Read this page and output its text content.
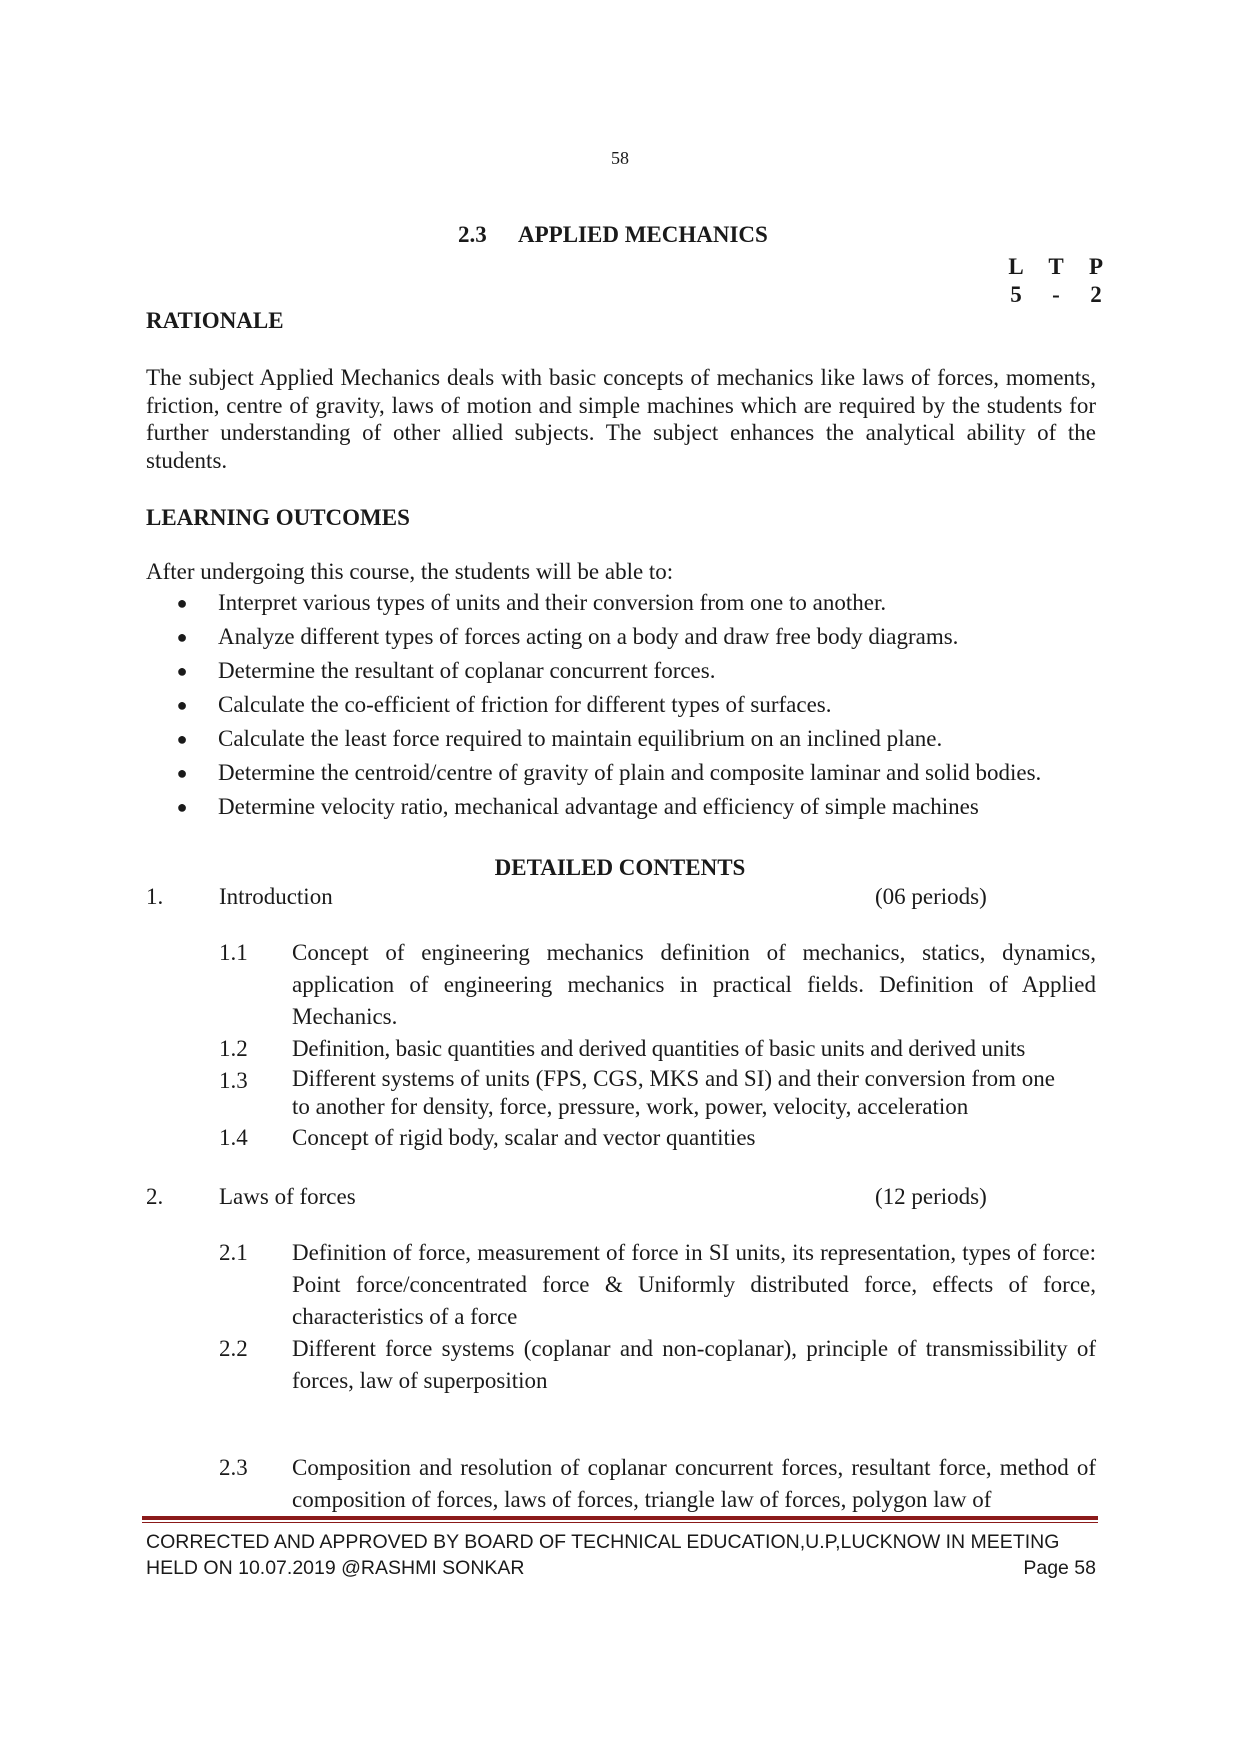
58
2.3 APPLIED MECHANICS
L	T	P
5	-	2
RATIONALE
The subject Applied Mechanics deals with basic concepts of mechanics like laws of forces, moments, friction, centre of gravity, laws of motion and simple machines which are required by the students for further understanding of other allied subjects. The subject enhances the analytical ability of the students.
LEARNING OUTCOMES
After undergoing this course, the students will be able to:
●	Interpret various types of units and their conversion from one to another.
●	Analyze different types of forces acting on a body and draw free body diagrams.
●	Determine the resultant of coplanar concurrent forces.
●	Calculate the co-efficient of friction for different types of surfaces.
●	Calculate the least force required to maintain equilibrium on an inclined plane.
●	Determine the centroid/centre of gravity of plain and composite laminar and solid bodies.
●	Determine velocity ratio, mechanical advantage and efficiency of simple machines
DETAILED CONTENTS
1.	Introduction	(06 periods)
1.1	Concept of engineering mechanics definition of mechanics, statics, dynamics, application of engineering mechanics in practical fields. Definition of Applied Mechanics.
1.2	Definition, basic quantities and derived quantities of basic units and derived units
1.3	Different systems of units (FPS, CGS, MKS and SI) and their conversion from one to another for density, force, pressure, work, power, velocity, acceleration
1.4	Concept of rigid body, scalar and vector quantities
2.	Laws of forces	(12 periods)
2.1	Definition of force, measurement of force in SI units, its representation, types of force: Point force/concentrated force & Uniformly distributed force, effects of force, characteristics of a force
2.2	Different force systems (coplanar and non-coplanar), principle of transmissibility of forces, law of superposition
2.3	Composition and resolution of coplanar concurrent forces, resultant force, method of composition of forces, laws of forces, triangle law of forces, polygon law of
CORRECTED AND APPROVED BY BOARD OF TECHNICAL EDUCATION,U.P,LUCKNOW IN MEETING
HELD ON 10.07.2019 @RASHMI SONKAR	Page 58
